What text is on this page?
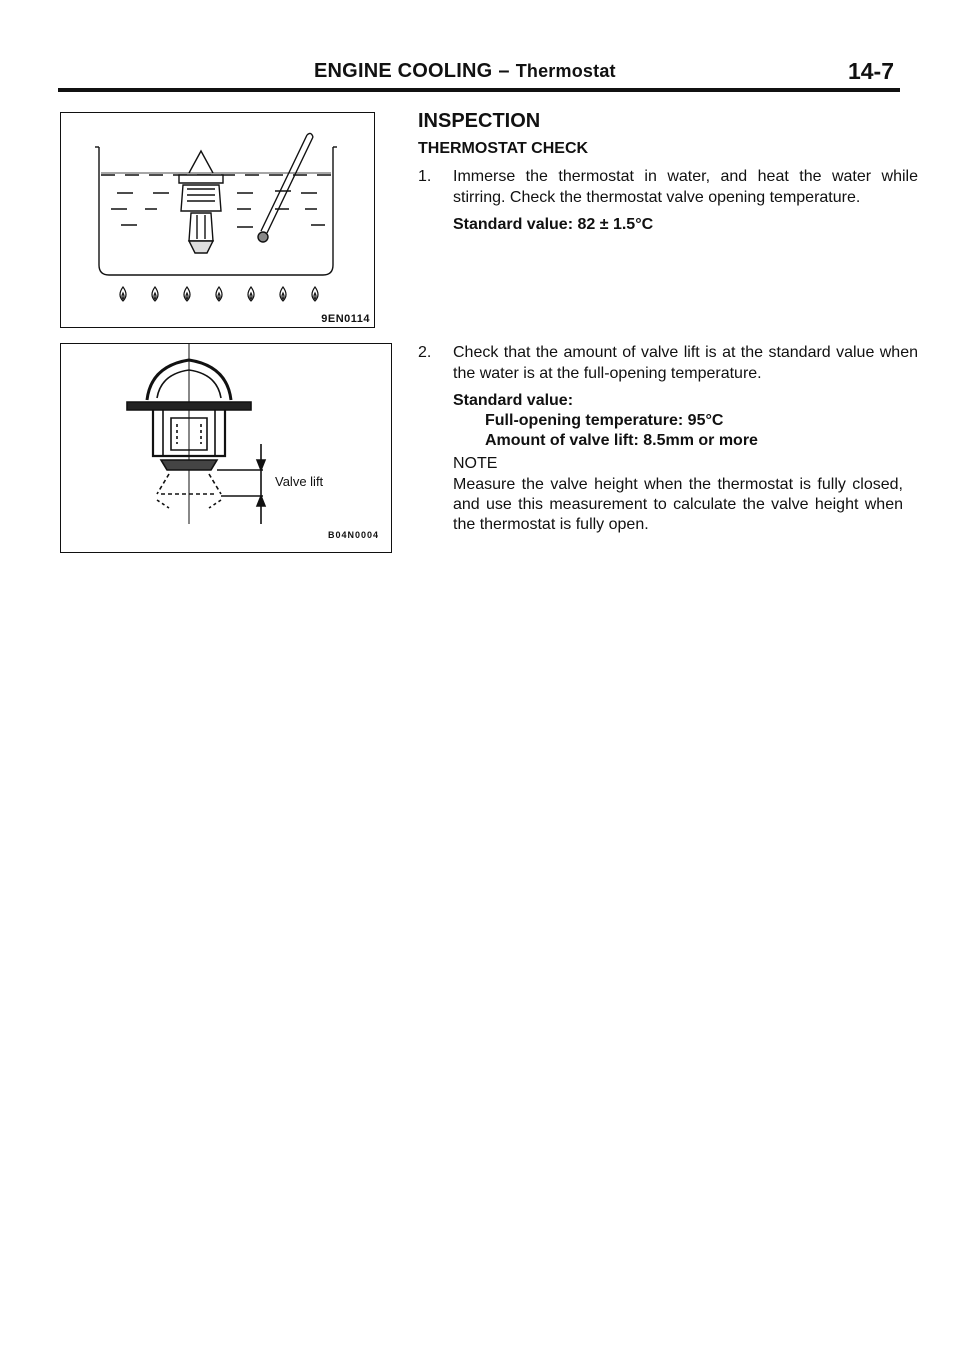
ENGINE COOLING – Thermostat	14-7
9EN0114
Valve lift
B04N0004
INSPECTION
THERMOSTAT CHECK
1. Immerse the thermostat in water, and heat the water while stirring. Check the thermostat valve opening temperature.
Standard value: 82 ± 1.5°C
2. Check that the amount of valve lift is at the standard value when the water is at the full-opening temperature.
Standard value:
Full-opening temperature: 95°C
Amount of valve lift: 8.5mm or more
NOTE
Measure the valve height when the thermostat is fully closed, and use this measurement to calculate the valve height when the thermostat is fully open.
